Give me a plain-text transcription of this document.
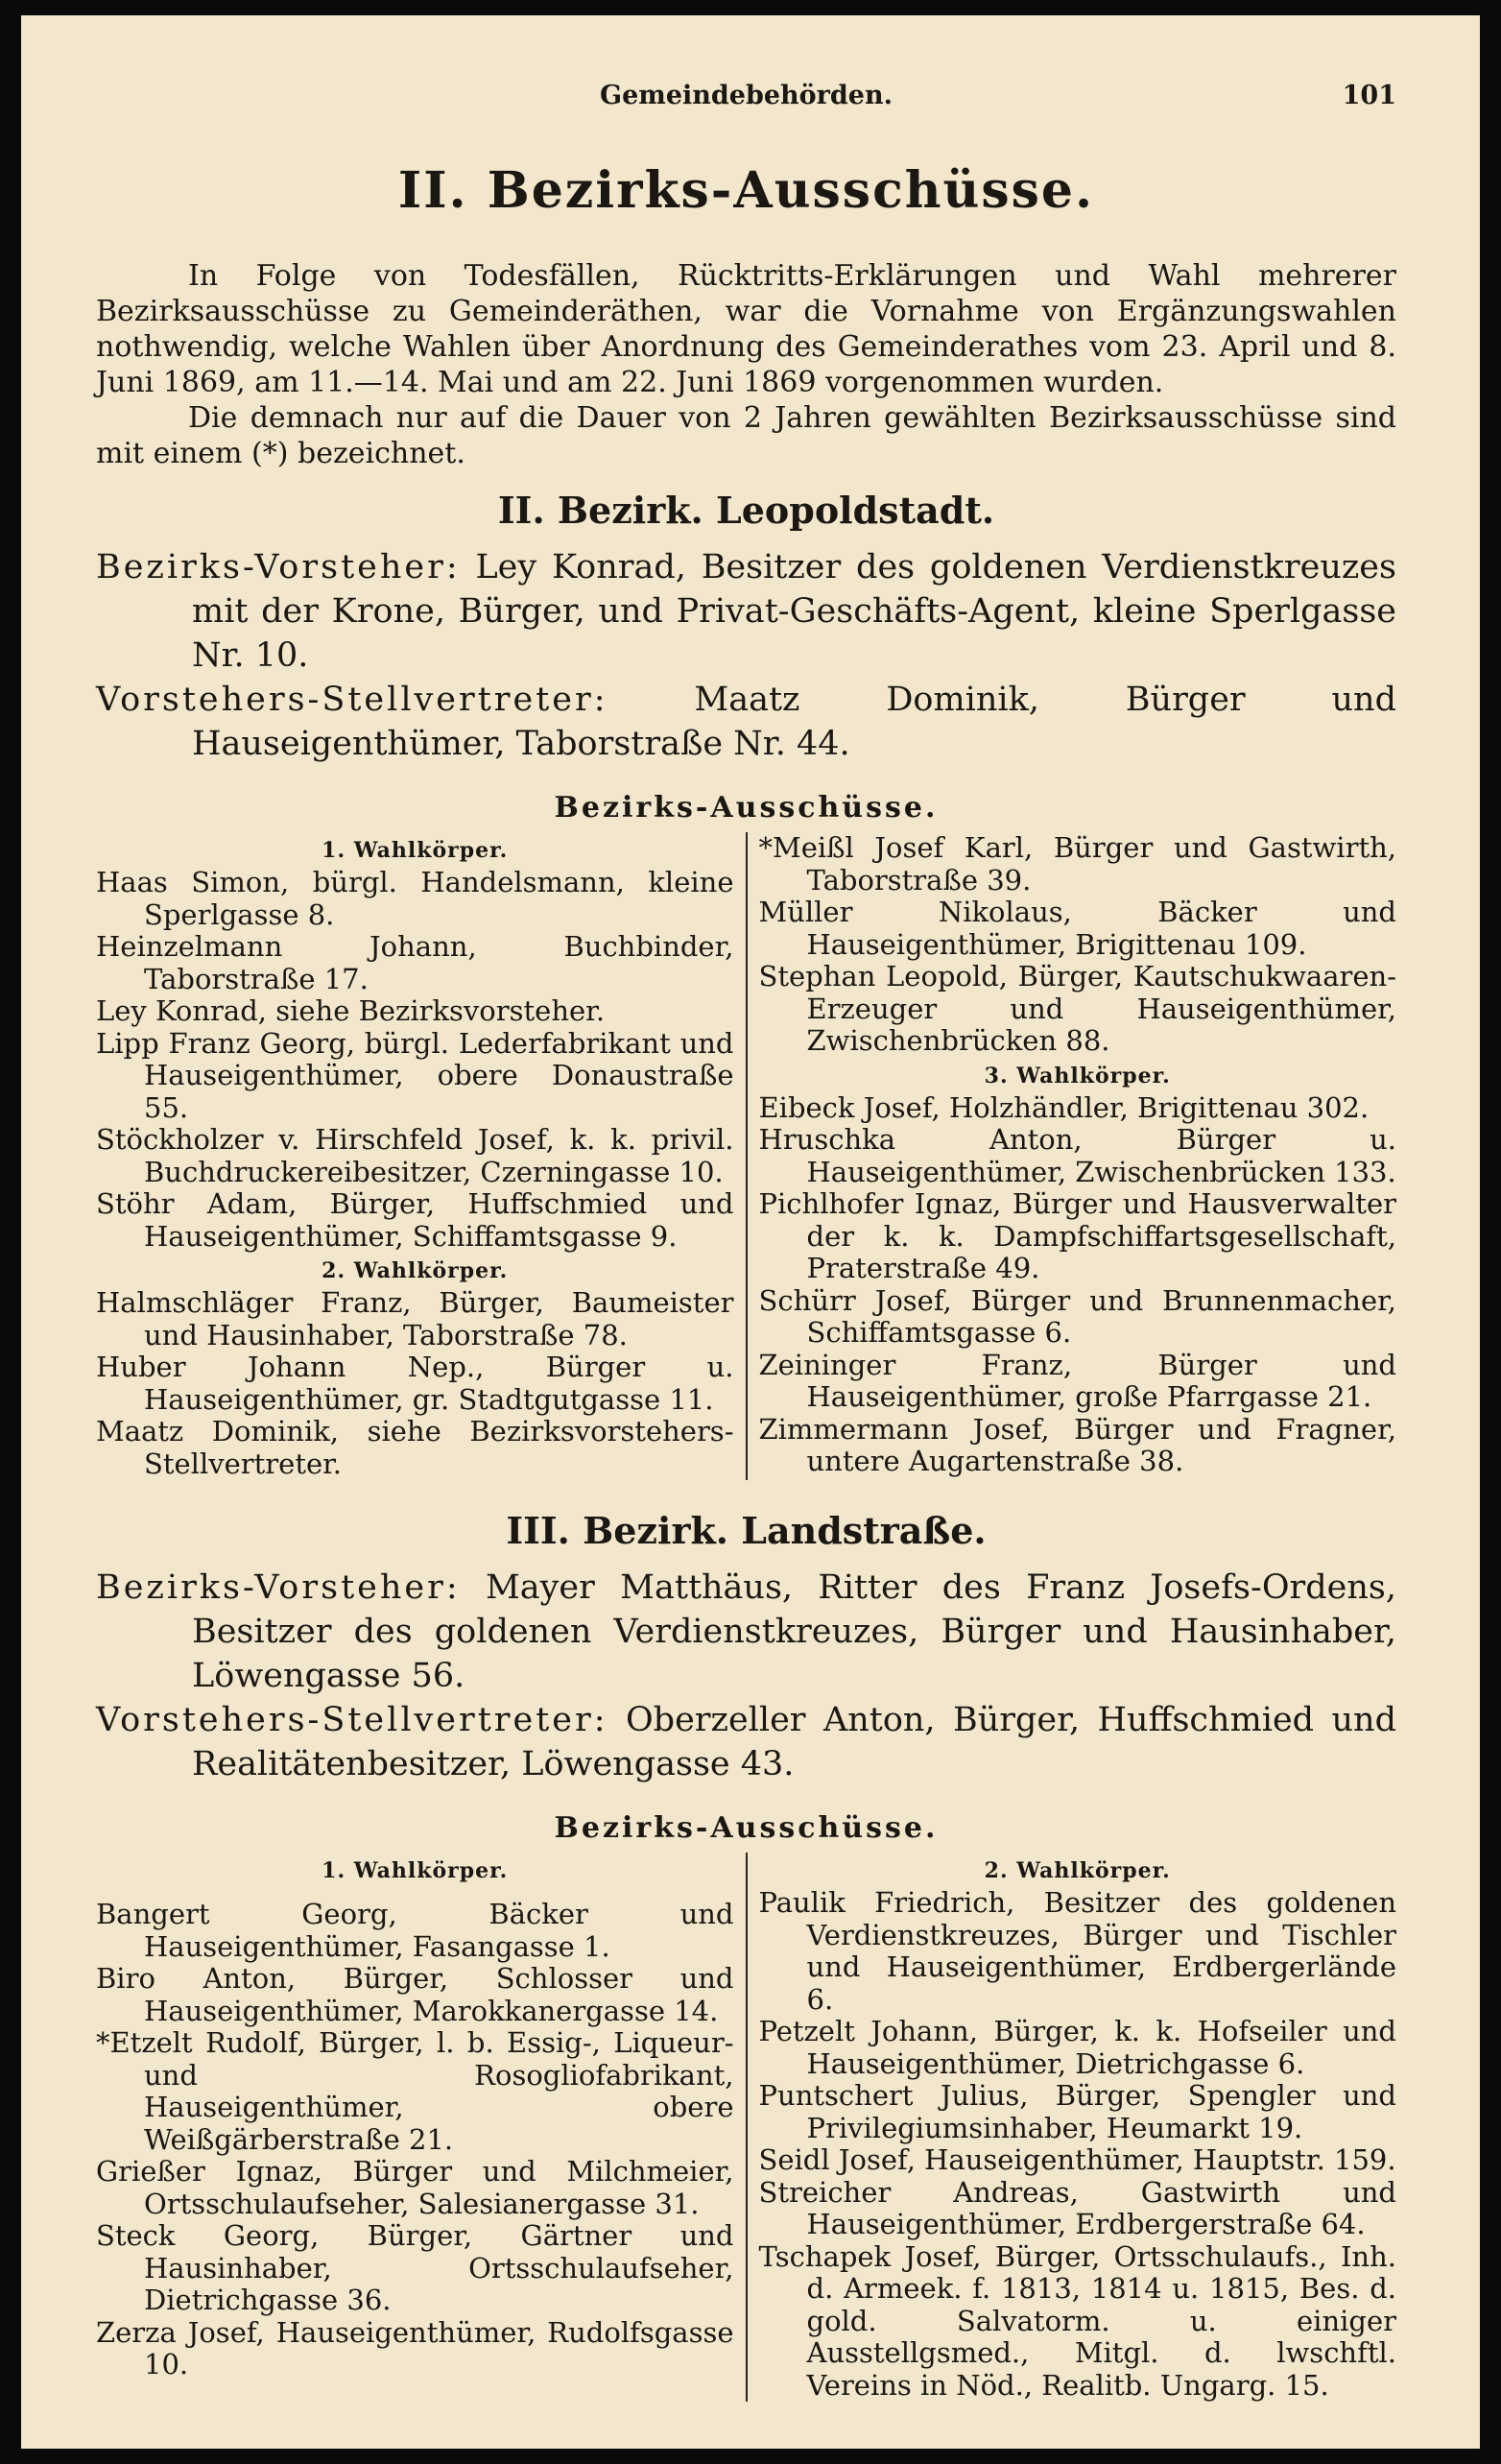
Gemeindebehörden.	101
II. Bezirks-Ausschüsse.

In Folge von Todesfällen, Rücktritts-Erklärungen und Wahl mehrerer Bezirksausschüsse zu Gemeinderäthen, war die Vornahme von Ergänzungswahlen nothwendig, welche Wahlen über Anordnung des Gemeinderathes vom 23. April und 8. Juni 1869, am 11.—14. Mai und am 22. Juni 1869 vorgenommen wurden.

Die demnach nur auf die Dauer von 2 Jahren gewählten Bezirksausschüsse sind mit einem (*) bezeichnet.

II. Bezirk. Leopoldstadt.

Bezirks-Vorsteher: Ley Konrad, Besitzer des goldenen Verdienstkreuzes mit der Krone, Bürger, und Privat-Geschäfts-Agent, kleine Sperlgasse Nr. 10.

Vorstehers-Stellvertreter:	Maatz Dominik, Bürger und Hauseigenthümer, Taborstraße Nr. 44.

Bezirks-Ausschüsse.
1. Wahlkörper.

Haas Simon, bürgl. Handelsmann, kleine Sperlgasse 8.

Heinzelmann Johann, Buchbinder, Taborstraße 17.

Ley Konrad, siehe Bezirksvorsteher.

Lipp Franz Georg, bürgl. Lederfabrikant und Hauseigenthümer, obere Donaustraße 55.

Stöckholzer v. Hirschfeld Josef, k. k. privil. Buchdruckereibesitzer, Czerningasse 10.

Stöhr Adam, Bürger, Huffschmied und Hauseigenthümer, Schiffamtsgasse 9.

2. Wahlkörper.

Halmschläger Franz, Bürger, Baumeister und Hausinhaber, Taborstraße 78.

Huber Johann Nep., Bürger u. Hauseigenthümer, gr. Stadtgutgasse 11.

Maatz Dominik, siehe Bezirksvorstehers-Stellvertreter.

*Meißl Josef Karl, Bürger und Gastwirth, Taborstraße 39.

Müller Nikolaus, Bäcker und Hauseigenthümer, Brigittenau 109.

Stephan Leopold, Bürger, Kautschukwaaren-Erzeuger und Hauseigenthümer, Zwischenbrücken 88.

3. Wahlkörper.

Eibeck Josef, Holzhändler, Brigittenau 302.

Hruschka Anton, Bürger u. Hauseigenthümer, Zwischenbrücken 133.

Pichlhofer Ignaz, Bürger und Hausverwalter der k. k. Dampfschiffartsgesellschaft, Praterstraße 49.

Schürr Josef, Bürger und Brunnenmacher, Schiffamtsgasse 6.

Zeininger Franz, Bürger und Hauseigenthümer, große Pfarrgasse 21.

Zimmermann Josef, Bürger und Fragner, untere Augartenstraße 38.

III. Bezirk. Landstraße.

Bezirks-Vorsteher: Mayer Matthäus, Ritter des Franz Josefs-Ordens, Besitzer des goldenen Verdienstkreuzes, Bürger und Hausinhaber, Löwengasse 56.

Vorstehers-Stellvertreter: Oberzeller Anton, Bürger, Huffschmied und Realitätenbesitzer, Löwengasse 43.

Bezirks-Ausschüsse.
1. Wahlkörper.

Bangert Georg, Bäcker und Hauseigenthümer, Fasangasse 1.

Biro Anton, Bürger, Schlosser und Hauseigenthümer, Marokkanergasse 14.

*Etzelt Rudolf, Bürger, l. b. Essig-, Liqueur- und Rosogliofabrikant, Hauseigenthümer, obere Weißgärberstraße 21.

Grießer Ignaz, Bürger und Milchmeier, Ortsschulaufseher, Salesianergasse 31.

Steck Georg, Bürger, Gärtner und Hausinhaber, Ortsschulaufseher, Dietrichgasse 36.

Zerza Josef, Hauseigenthümer, Rudolfsgasse 10.

2. Wahlkörper.

Paulik Friedrich, Besitzer des goldenen Verdienstkreuzes, Bürger und Tischler und Hauseigenthümer, Erdbergerlände 6.

Petzelt Johann, Bürger, k. k. Hofseiler und Hauseigenthümer, Dietrichgasse 6.

Puntschert Julius, Bürger, Spengler und Privilegiumsinhaber, Heumarkt 19.

Seidl Josef, Hauseigenthümer, Hauptstr. 159.

Streicher Andreas, Gastwirth und Hauseigenthümer, Erdbergerstraße 64.

Tschapek Josef, Bürger, Ortsschulaufs., Inh. d. Armeek. f. 1813, 1814 u. 1815, Bes. d. gold. Salvatorm. u. einiger Ausstellgsmed., Mitgl. d. lwschftl. Vereins in Nöd., Realitb. Ungarg. 15.
